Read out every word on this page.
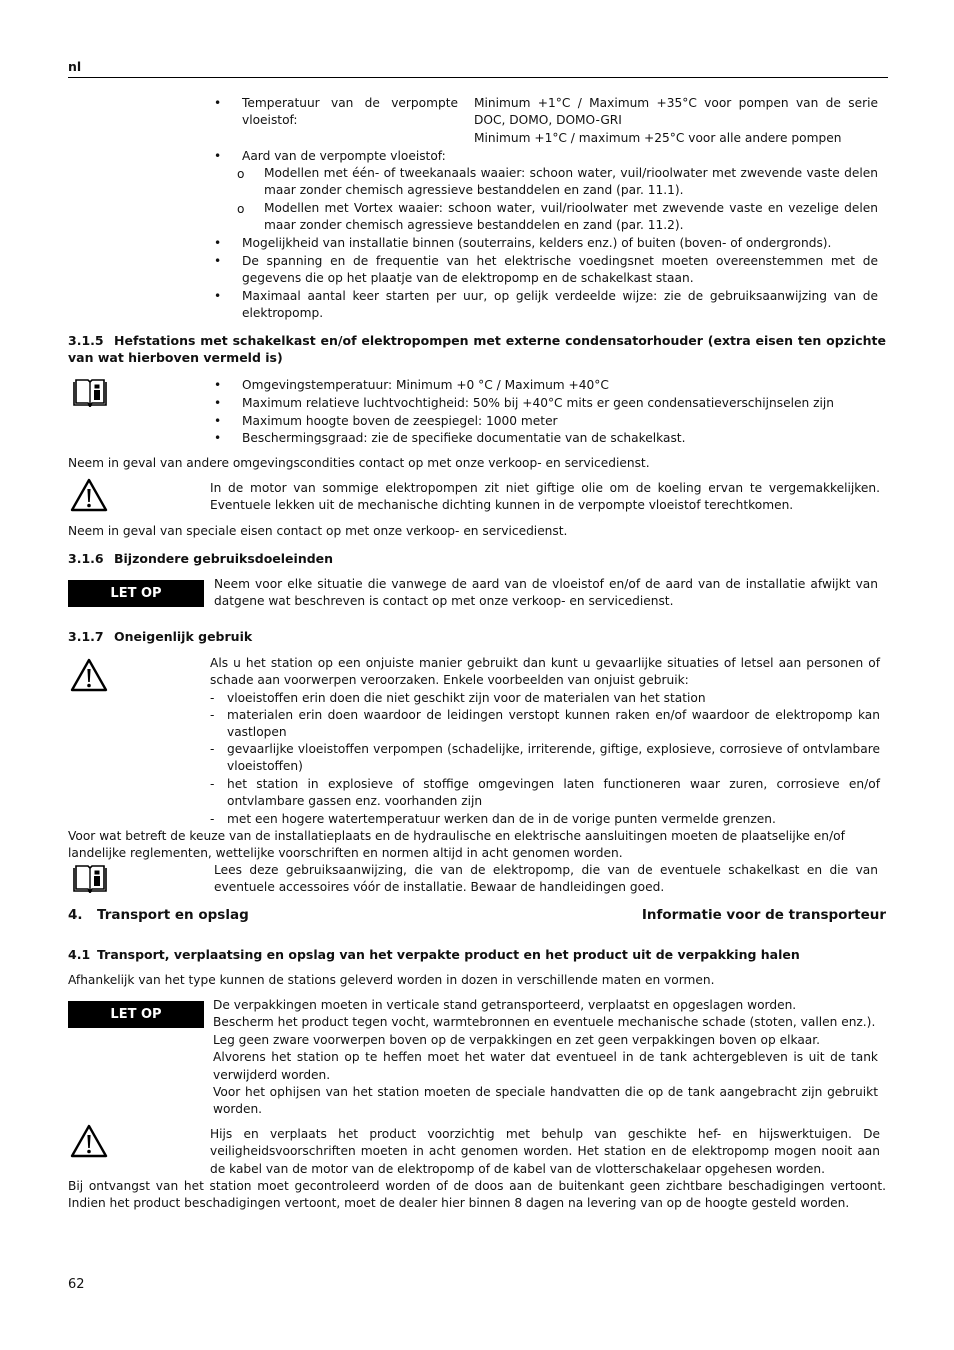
nl
• Temperatuur van de verpompte vloeistof:
Minimum +1°C / Maximum +35°C voor pompen van de serie DOC, DOMO, DOMO-GRI
Minimum +1°C / maximum +25°C voor alle andere pompen
• Aard van de verpompte vloeistof:
o Modellen met één- of tweekanaals waaier: schoon water, vuil/rioolwater met zwevende vaste delen maar zonder chemisch agressieve bestanddelen en zand (par. 11.1).
o Modellen met Vortex waaier: schoon water, vuil/rioolwater met zwevende vaste en vezelige delen maar zonder chemisch agressieve bestanddelen en zand (par. 11.2).
• Mogelijkheid van installatie binnen (souterrains, kelders enz.) of buiten (boven- of ondergronds).
• De spanning en de frequentie van het elektrische voedingsnet moeten overeenstemmen met de gegevens die op het plaatje van de elektropomp en de schakelkast staan.
• Maximaal aantal keer starten per uur, op gelijk verdeelde wijze: zie de gebruiksaanwijzing van de elektropomp.
3.1.5 Hefstations met schakelkast en/of elektropompen met externe condensatorhouder (extra eisen ten opzichte van wat hierboven vermeld is)
• Omgevingstemperatuur: Minimum +0 °C / Maximum +40°C
• Maximum relatieve luchtvochtigheid: 50% bij +40°C mits er geen condensatieverschijnselen zijn
• Maximum hoogte boven de zeespiegel: 1000 meter
• Beschermingsgraad: zie de specifieke documentatie van de schakelkast.
Neem in geval van andere omgevingscondities contact op met onze verkoop- en servicedienst.
In de motor van sommige elektropompen zit niet giftige olie om de koeling ervan te vergemakkelijken. Eventuele lekken uit de mechanische dichting kunnen in de verpompte vloeistof terechtkomen.
Neem in geval van speciale eisen contact op met onze verkoop- en servicedienst.
3.1.6 Bijzondere gebruiksdoeleinden
LET OP
Neem voor elke situatie die vanwege de aard van de vloeistof en/of de aard van de installatie afwijkt van datgene wat beschreven is contact op met onze verkoop- en servicedienst.
3.1.7 Oneigenlijk gebruik
Als u het station op een onjuiste manier gebruikt dan kunt u gevaarlijke situaties of letsel aan personen of schade aan voorwerpen veroorzaken. Enkele voorbeelden van onjuist gebruik:
- vloeistoffen erin doen die niet geschikt zijn voor de materialen van het station
- materialen erin doen waardoor de leidingen verstopt kunnen raken en/of waardoor de elektropomp kan vastlopen
- gevaarlijke vloeistoffen verpompen (schadelijke, irriterende, giftige, explosieve, corrosieve of ontvlambare vloeistoffen)
- het station in explosieve of stoffige omgevingen laten functioneren waar zuren, corrosieve en/of ontvlambare gassen enz. voorhanden zijn
- met een hogere watertemperatuur werken dan de in de vorige punten vermelde grenzen.
Voor wat betreft de keuze van de installatieplaats en de hydraulische en elektrische aansluitingen moeten de plaatselijke en/of landelijke reglementen, wettelijke voorschriften en normen altijd in acht genomen worden.
Lees deze gebruiksaanwijzing, die van de elektropomp, die van de eventuele schakelkast en die van eventuele accessoires vóór de installatie. Bewaar de handleidingen goed.
4. Transport en opslag	Informatie voor de transporteur
4.1 Transport, verplaatsing en opslag van het verpakte product en het product uit de verpakking halen
Afhankelijk van het type kunnen de stations geleverd worden in dozen in verschillende maten en vormen.
LET OP
De verpakkingen moeten in verticale stand getransporteerd, verplaatst en opgeslagen worden.
Bescherm het product tegen vocht, warmtebronnen en eventuele mechanische schade (stoten, vallen enz.).
Leg geen zware voorwerpen boven op de verpakkingen en zet geen verpakkingen boven op elkaar.
Alvorens het station op te heffen moet het water dat eventueel in de tank achtergebleven is uit de tank verwijderd worden.
Voor het ophijsen van het station moeten de speciale handvatten die op de tank aangebracht zijn gebruikt worden.
Hijs en verplaats het product voorzichtig met behulp van geschikte hef- en hijswerktuigen. De veiligheidsvoorschriften moeten in acht genomen worden. Het station en de elektropomp mogen nooit aan de kabel van de motor van de elektropomp of de kabel van de vlotterschakelaar opgehesen worden.
Bij ontvangst van het station moet gecontroleerd worden of de doos aan de buitenkant geen zichtbare beschadigingen vertoont. Indien het product beschadigingen vertoont, moet de dealer hier binnen 8 dagen na levering van op de hoogte gesteld worden.
62
